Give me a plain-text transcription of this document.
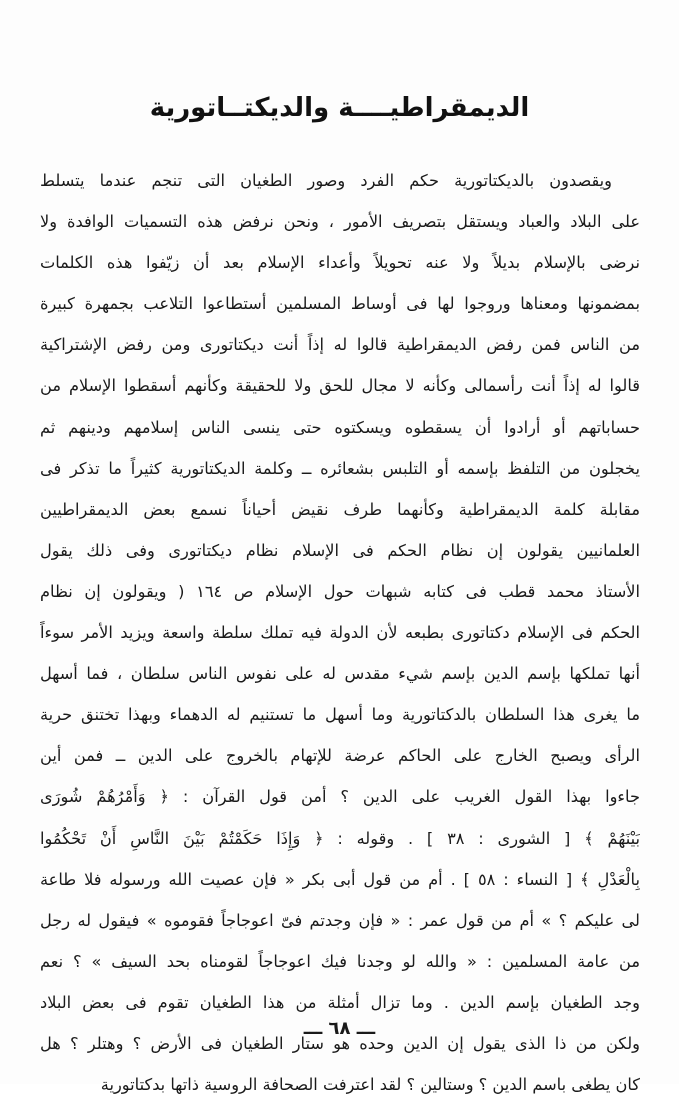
الديمقراطيــــة والديكتــاتورية
ويقصدون بالديكتاتورية حكم الفرد وصور الطغيان التى تنجم عندما يتسلط
على البلاد والعباد ويستقل بتصريف الأمور ، ونحن نرفض هذه التسميات الوافدة ولا
نرضى بالإسلام بديلاً ولا عنه تحويلاً وأعداء الإسلام بعد أن زيّفوا هذه الكلمات
بمضمونها ومعناها وروجوا لها فى أوساط المسلمين أستطاعوا التلاعب بجمهرة كبيرة
من الناس فمن رفض الديمقراطية قالوا له إذاً أنت ديكتاتورى ومن رفض الإشتراكية
قالوا له إذاً أنت رأسمالى وكأنه لا مجال للحق ولا للحقيقة وكأنهم أسقطوا الإسلام من
حساباتهم أو أرادوا أن يسقطوه ويسكتوه حتى ينسى الناس إسلامهم ودينهم ثم
يخجلون من التلفظ بإسمه أو التلبس بشعائره ــ وكلمة الديكتاتورية كثيراً ما تذكر فى
مقابلة كلمة الديمقراطية وكأنهما طرف نقيض أحياناً نسمع بعض الديمقراطيين
العلمانيين يقولون إن نظام الحكم فى الإسلام نظام ديكتاتورى وفى ذلك يقول
الأستاذ محمد قطب فى كتابه شبهات حول الإسلام ص ١٦٤ ( ويقولون إن نظام
الحكم فى الإسلام دكتاتورى بطبعه لأن الدولة فيه تملك سلطة واسعة ويزيد الأمر سوءاً
أنها تملكها بإسم الدين بإسم شيء مقدس له على نفوس الناس سلطان ، فما أسهل
ما يغرى هذا السلطان بالدكتاتورية وما أسهل ما تستنيم له الدهماء وبهذا تختنق حرية
الرأى ويصبح الخارج على الحاكم عرضة للإتهام بالخروج على الدين ــ فمن أين
جاءوا بهذا القول الغريب على الدين ؟ أمن قول القرآن : ﴿ وَأَمْرُهُمْ شُورَى
بَيْنَهُمْ ﴾ [ الشورى : ٣٨ ] . وقوله : ﴿ وَإِذَا حَكَمْتُمْ بَيْنَ النَّاسِ أَنْ تَحْكُمُوا
بِالْعَدْلِ ﴾ [ النساء : ٥٨ ] . أم من قول أبى بكر « فإن عصيت الله ورسوله فلا طاعة
لى عليكم ؟ » أم من قول عمر : « فإن وجدتم فىّ اعوجاجاً فقوموه » فيقول له رجل
من عامة المسلمين : « والله لو وجدنا فيك اعوجاجاً لقومناه بحد السيف » ؟ نعم
وجد الطغيان بإسم الدين . وما تزال أمثلة من هذا الطغيان تقوم فى بعض البلاد
ولكن من ذا الذى يقول إن الدين وحده هو ستار الطغيان فى الأرض ؟ وهتلر ؟ هل
كان يطغى باسم الدين ؟ وستالين ؟ لقد اعترفت الصحافة الروسية ذاتها بدكتاتورية
ـــ ٦٨ ـــ
